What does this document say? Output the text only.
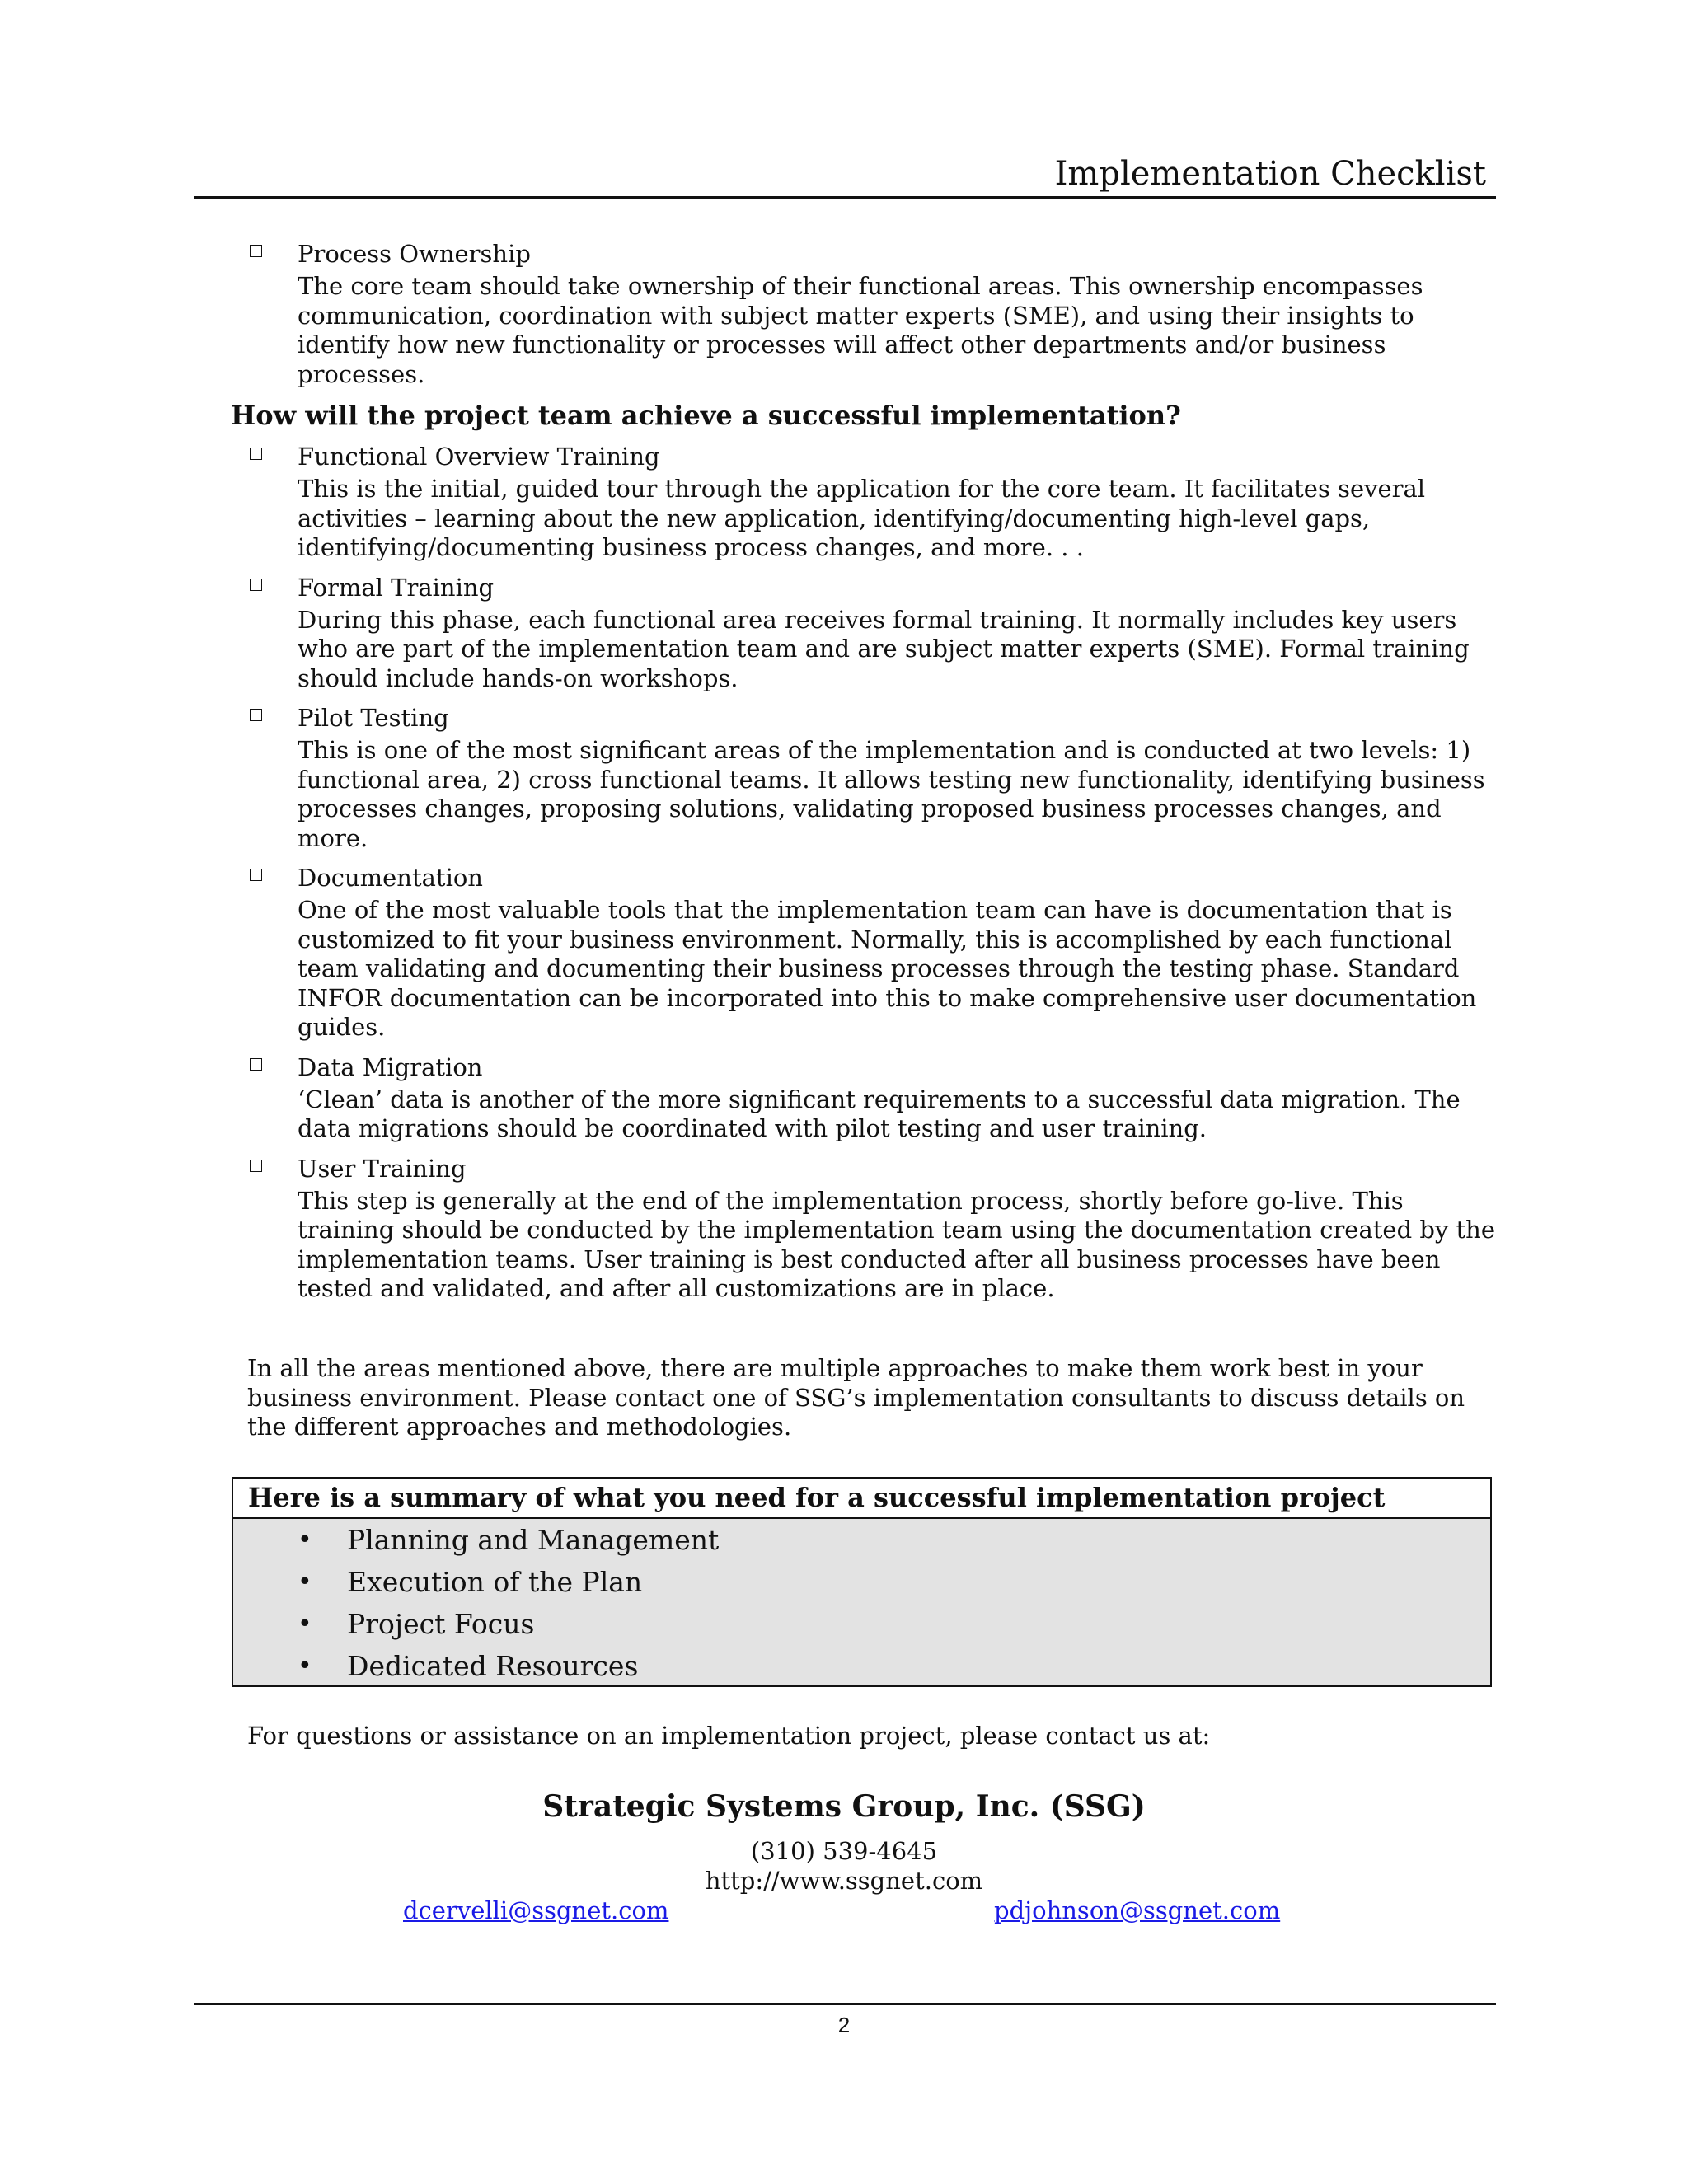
Implementation Checklist
Process Ownership
The core team should take ownership of their functional areas. This ownership encompasses communication, coordination with subject matter experts (SME), and using their insights to identify how new functionality or processes will affect other departments and/or business processes.
How will the project team achieve a successful implementation?
Functional Overview Training
This is the initial, guided tour through the application for the core team. It facilitates several activities – learning about the new application, identifying/documenting high-level gaps, identifying/documenting business process changes, and more. . .
Formal Training
During this phase, each functional area receives formal training. It normally includes key users who are part of the implementation team and are subject matter experts (SME). Formal training should include hands-on workshops.
Pilot Testing
This is one of the most significant areas of the implementation and is conducted at two levels: 1) functional area, 2) cross functional teams. It allows testing new functionality, identifying business processes changes, proposing solutions, validating proposed business processes changes, and more.
Documentation
One of the most valuable tools that the implementation team can have is documentation that is customized to fit your business environment. Normally, this is accomplished by each functional team validating and documenting their business processes through the testing phase. Standard INFOR documentation can be incorporated into this to make comprehensive user documentation guides.
Data Migration
‘Clean’ data is another of the more significant requirements to a successful data migration. The data migrations should be coordinated with pilot testing and user training.
User Training
This step is generally at the end of the implementation process, shortly before go-live. This training should be conducted by the implementation team using the documentation created by the implementation teams. User training is best conducted after all business processes have been tested and validated, and after all customizations are in place.
In all the areas mentioned above, there are multiple approaches to make them work best in your business environment. Please contact one of SSG’s implementation consultants to discuss details on the different approaches and methodologies.
Here is a summary of what you need for a successful implementation project
• Planning and Management
• Execution of the Plan
• Project Focus
• Dedicated Resources
For questions or assistance on an implementation project, please contact us at:
Strategic Systems Group, Inc. (SSG)
(310) 539-4645
http://www.ssgnet.com
dcervelli@ssgnet.com	pdjohnson@ssgnet.com
2
